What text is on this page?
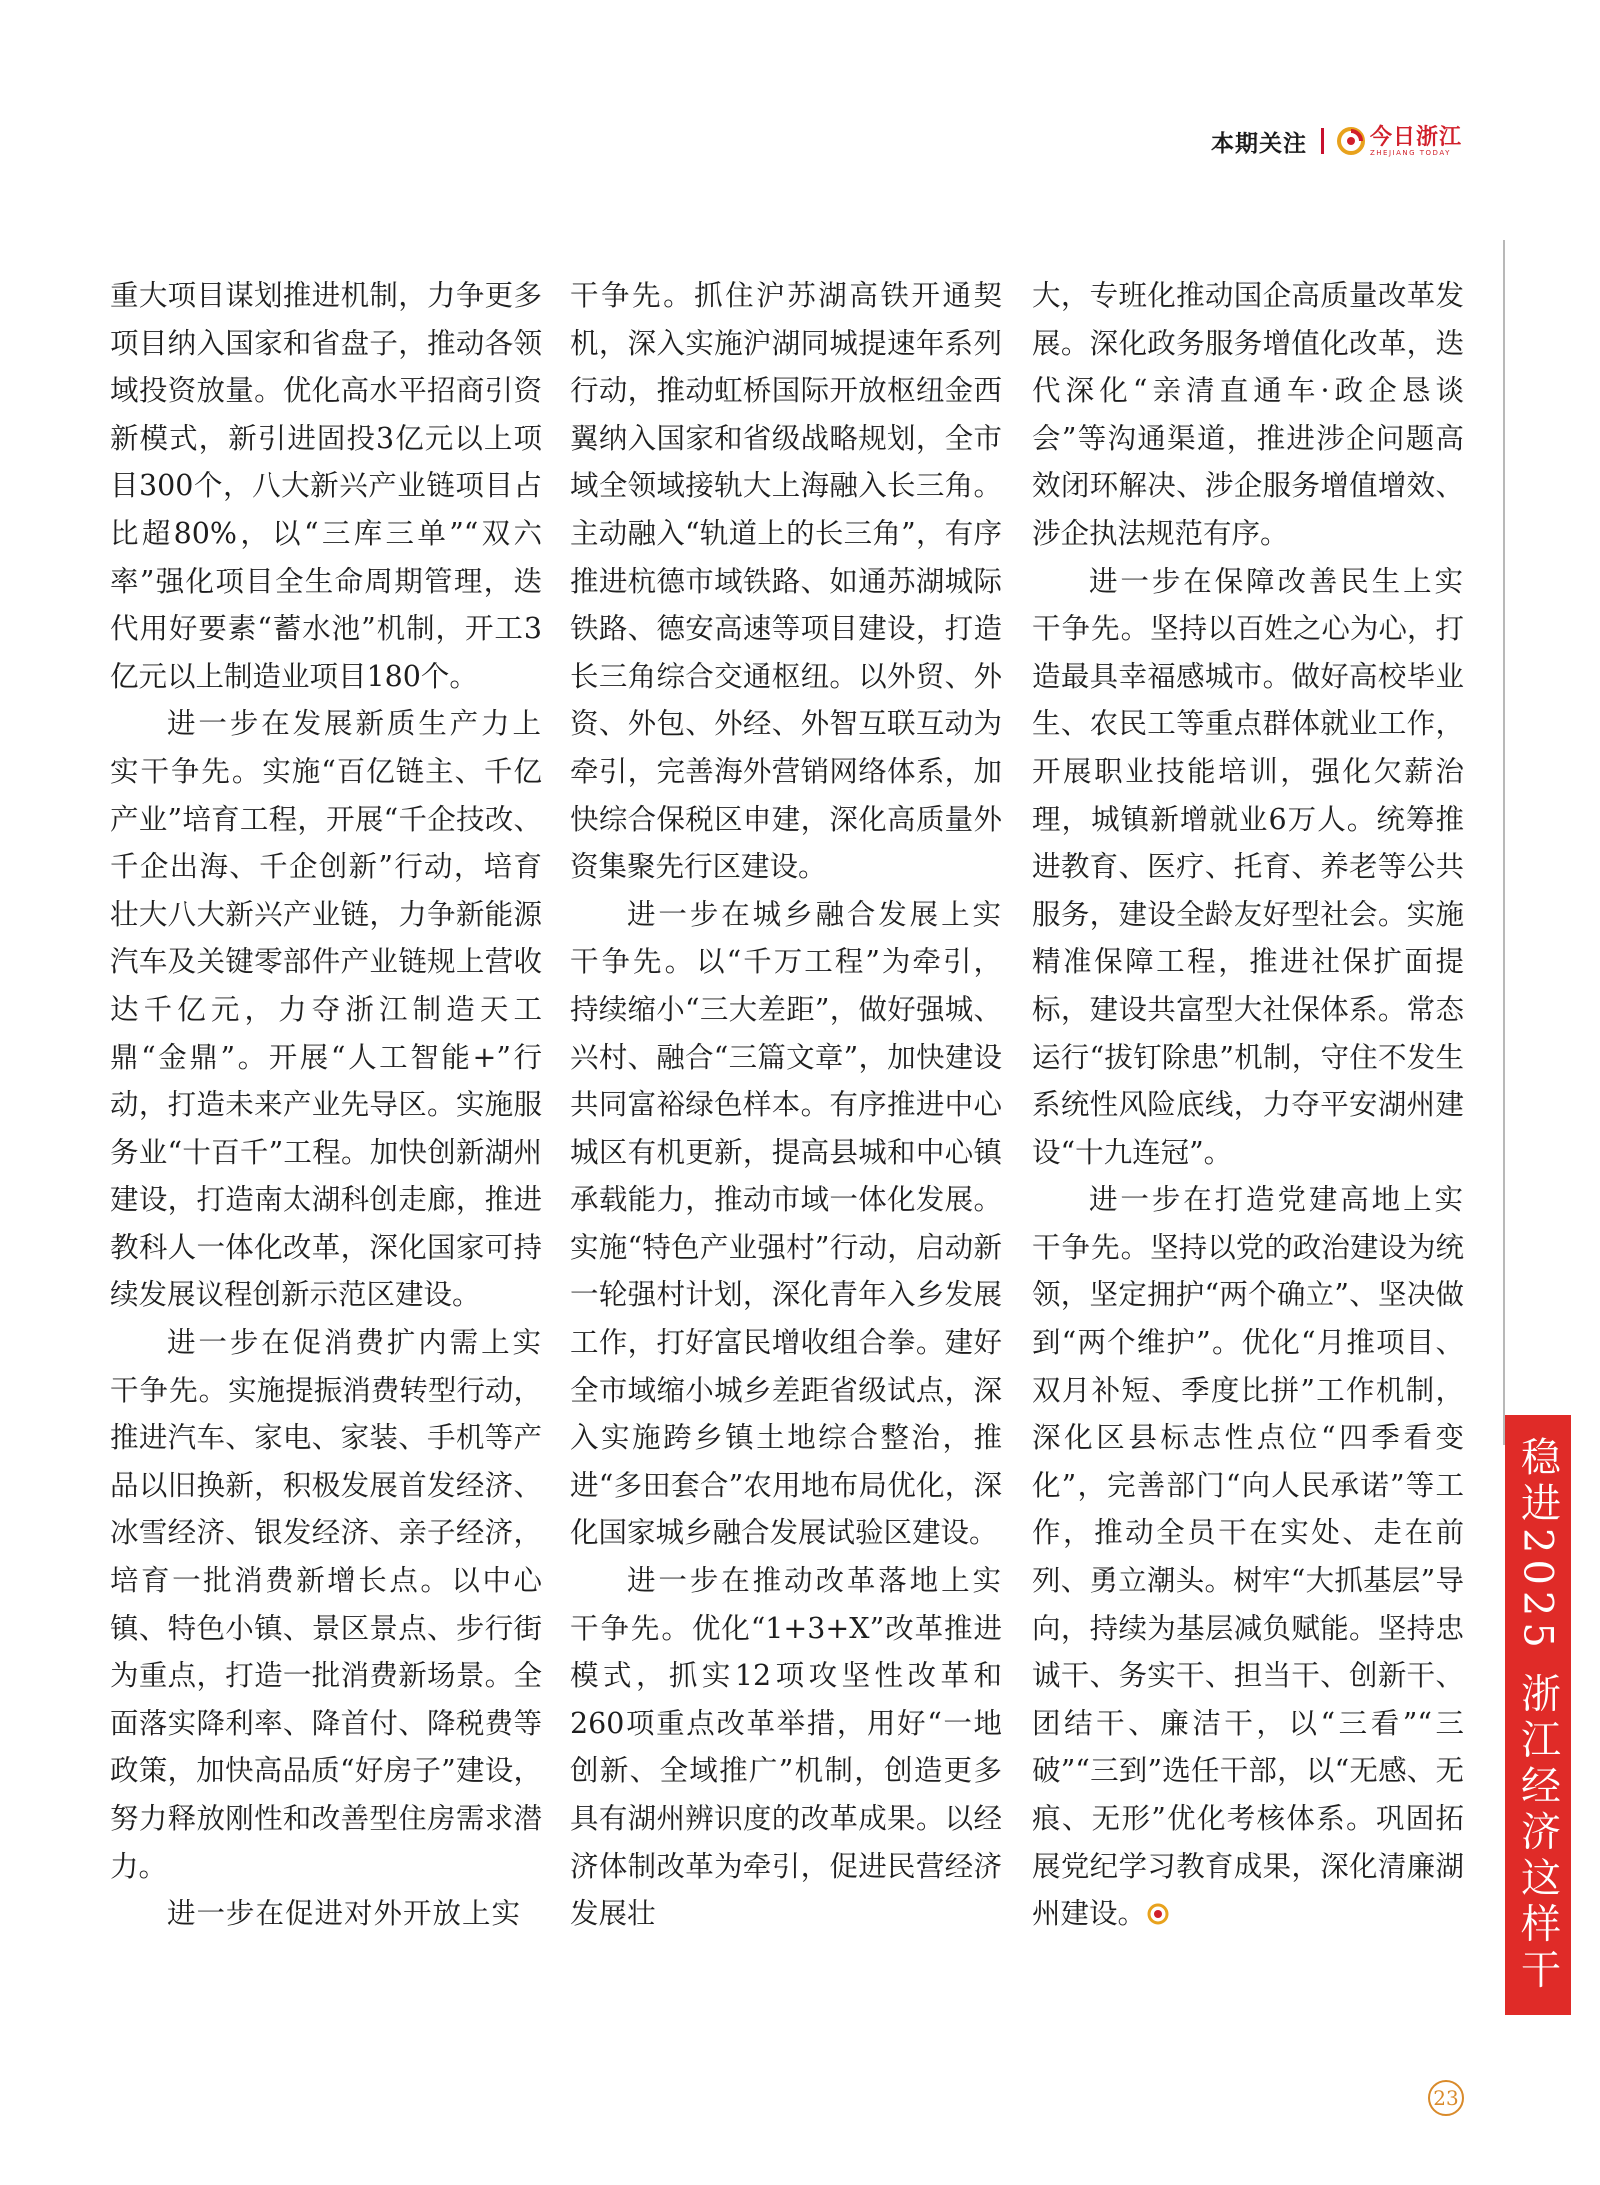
本期关注	今日浙江
ZHEJIANG TODAY

重大项目谋划推进机制，力争更多项目纳入国家和省盘子，推动各领域投资放量。优化高水平招商引资新模式，新引进固投3亿元以上项目300个，八大新兴产业链项目占比超80%，以“三库三单”“双六率”强化项目全生命周期管理，迭代用好要素“蓄水池”机制，开工3亿元以上制造业项目180个。

进一步在发展新质生产力上实干争先。实施“百亿链主、千亿产业”培育工程，开展“千企技改、千企出海、千企创新”行动，培育壮大八大新兴产业链，力争新能源汽车及关键零部件产业链规上营收达千亿元，力夺浙江制造天工鼎“金鼎”。开展“人工智能+”行动，打造未来产业先导区。实施服务业“十百千”工程。加快创新湖州建设，打造南太湖科创走廊，推进教科人一体化改革，深化国家可持续发展议程创新示范区建设。

进一步在促消费扩内需上实干争先。实施提振消费转型行动，推进汽车、家电、家装、手机等产品以旧换新，积极发展首发经济、冰雪经济、银发经济、亲子经济，培育一批消费新增长点。以中心镇、特色小镇、景区景点、步行街为重点，打造一批消费新场景。全面落实降利率、降首付、降税费等政策，加快高品质“好房子”建设，努力释放刚性和改善型住房需求潜力。

进一步在促进对外开放上实

干争先。抓住沪苏湖高铁开通契机，深入实施沪湖同城提速年系列行动，推动虹桥国际开放枢纽金西翼纳入国家和省级战略规划，全市域全领域接轨大上海融入长三角。主动融入“轨道上的长三角”，有序推进杭德市域铁路、如通苏湖城际铁路、德安高速等项目建设，打造长三角综合交通枢纽。以外贸、外资、外包、外经、外智互联互动为牵引，完善海外营销网络体系，加快综合保税区申建，深化高质量外资集聚先行区建设。

进一步在城乡融合发展上实干争先。以“千万工程”为牵引，持续缩小“三大差距”，做好强城、兴村、融合“三篇文章”，加快建设共同富裕绿色样本。有序推进中心城区有机更新，提高县城和中心镇承载能力，推动市域一体化发展。实施“特色产业强村”行动，启动新一轮强村计划，深化青年入乡发展工作，打好富民增收组合拳。建好全市域缩小城乡差距省级试点，深入实施跨乡镇土地综合整治，推进“多田套合”农用地布局优化，深化国家城乡融合发展试验区建设。

进一步在推动改革落地上实干争先。优化“1+3+X”改革推进模式，抓实12项攻坚性改革和260项重点改革举措，用好“一地创新、全域推广”机制，创造更多具有湖州辨识度的改革成果。以经济体制改革为牵引，促进民营经济发展壮

大，专班化推动国企高质量改革发展。深化政务服务增值化改革，迭代深化“亲清直通车·政企恳谈会”等沟通渠道，推进涉企问题高效闭环解决、涉企服务增值增效、涉企执法规范有序。

进一步在保障改善民生上实干争先。坚持以百姓之心为心，打造最具幸福感城市。做好高校毕业生、农民工等重点群体就业工作，开展职业技能培训，强化欠薪治理，城镇新增就业6万人。统筹推进教育、医疗、托育、养老等公共服务，建设全龄友好型社会。实施精准保障工程，推进社保扩面提标，建设共富型大社保体系。常态运行“拔钉除患”机制，守住不发生系统性风险底线，力夺平安湖州建设“十九连冠”。

进一步在打造党建高地上实干争先。坚持以党的政治建设为统领，坚定拥护“两个确立”、坚决做到“两个维护”。优化“月推项目、双月补短、季度比拼”工作机制，深化区县标志性点位“四季看变化”，完善部门“向人民承诺”等工作，推动全员干在实处、走在前列、勇立潮头。树牢“大抓基层”导向，持续为基层减负赋能。坚持忠诚干、务实干、担当干、创新干、团结干、廉洁干，以“三看”“三破”“三到”选任干部，以“无感、无痕、无形”优化考核体系。巩固拓展党纪学习教育成果，深化清廉湖州建设。	稳进2025 浙江经济这样干
23
